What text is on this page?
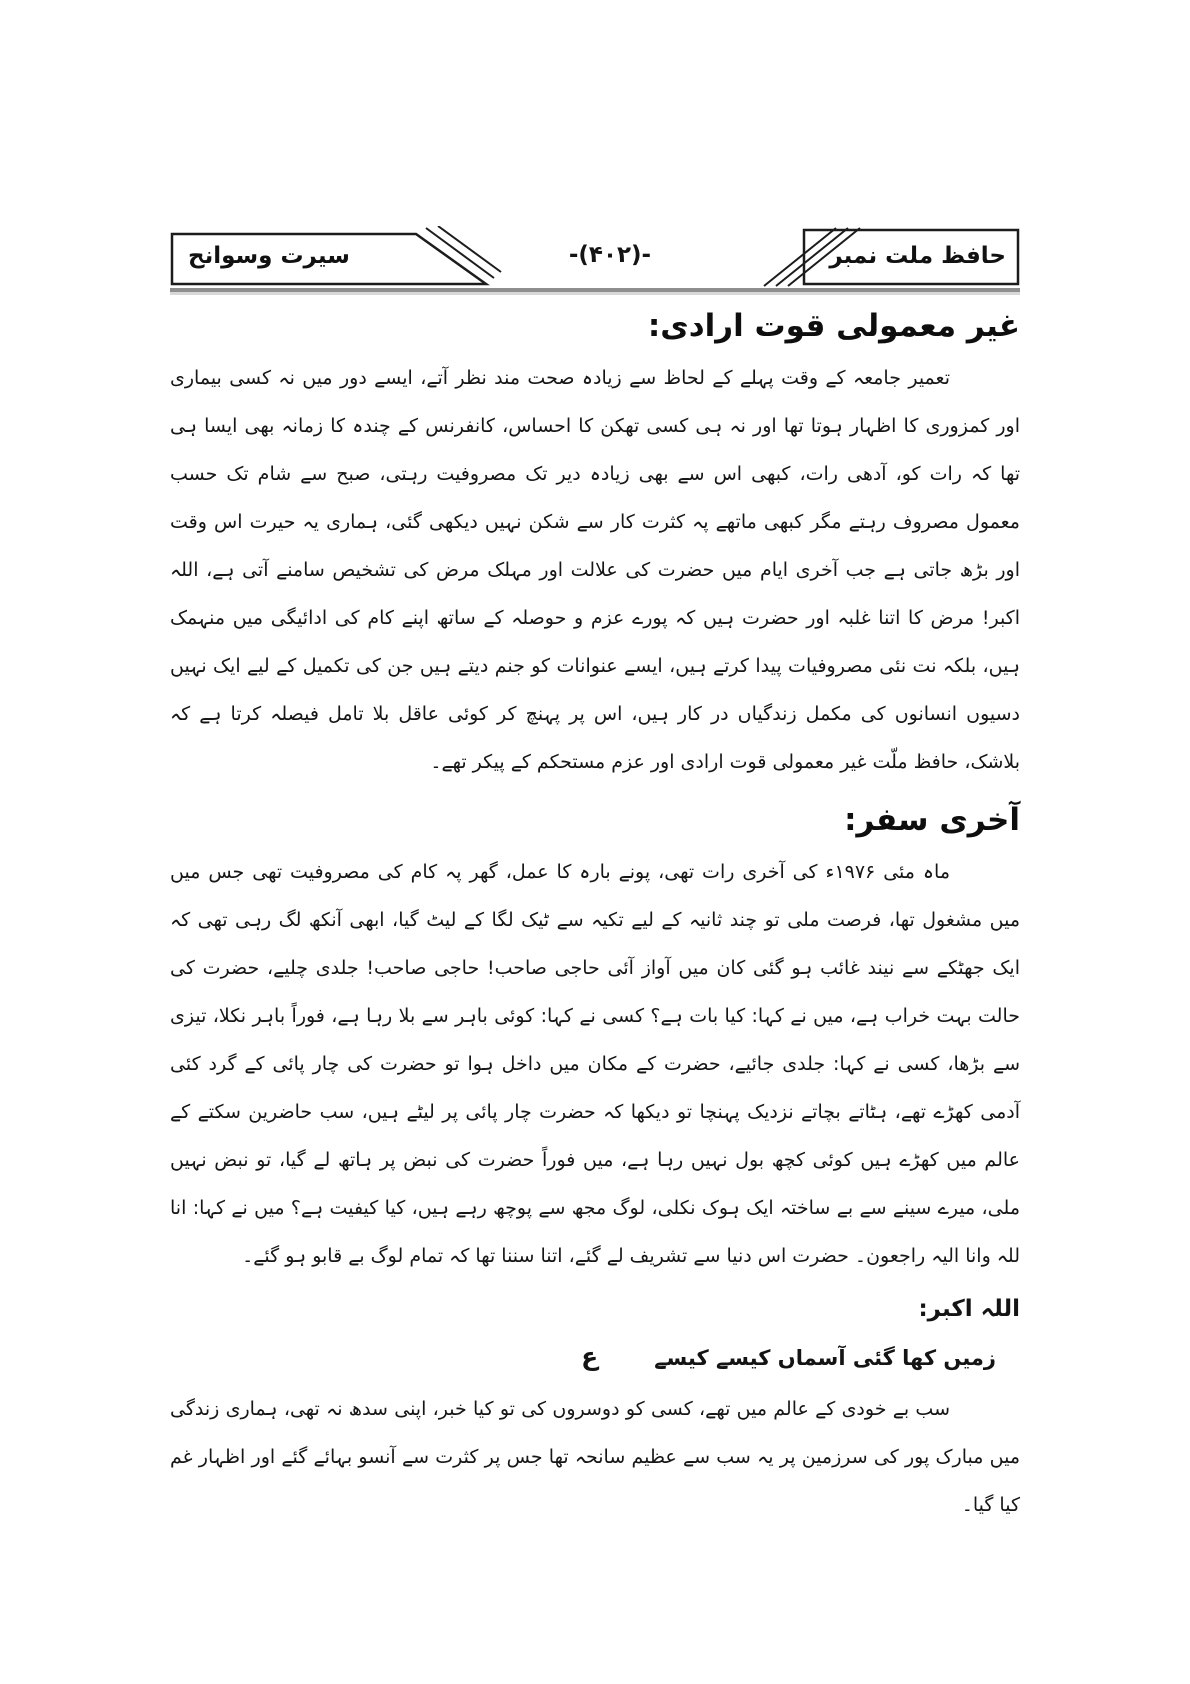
سیرت وسوانح	-(۴۰۲)-	حافظ ملت نمبر
غیر معمولی قوت ارادی:

تعمیر جامعہ کے وقت پہلے کے لحاظ سے زیادہ صحت مند نظر آتے، ایسے دور میں نہ کسی بیماری اور کمزوری کا اظہار ہوتا تھا اور نہ ہی کسی تھکن کا احساس، کانفرنس کے چندہ کا زمانہ بھی ایسا ہی تھا کہ رات کو، آدھی رات، کبھی اس سے بھی زیادہ دیر تک مصروفیت رہتی، صبح سے شام تک حسب معمول مصروف رہتے مگر کبھی ماتھے پہ کثرت کار سے شکن نہیں دیکھی گئی، ہماری یہ حیرت اس وقت اور بڑھ جاتی ہے جب آخری ایام میں حضرت کی علالت اور مہلک مرض کی تشخیص سامنے آتی ہے، اللہ اکبر! مرض کا اتنا غلبہ اور حضرت ہیں کہ پورے عزم و حوصلہ کے ساتھ اپنے کام کی ادائیگی میں منہمک ہیں، بلکہ نت نئی مصروفیات پیدا کرتے ہیں، ایسے عنوانات کو جنم دیتے ہیں جن کی تکمیل کے لیے ایک نہیں دسیوں انسانوں کی مکمل زندگیاں در کار ہیں، اس پر پہنچ کر کوئی عاقل بلا تامل فیصلہ کرتا ہے کہ بلاشک، حافظ ملّت غیر معمولی قوت ارادی اور عزم مستحکم کے پیکر تھے۔

آخری سفر:

ماہ مئی ۱۹۷۶ء کی آخری رات تھی، پونے بارہ کا عمل، گھر پہ کام کی مصروفیت تھی جس میں میں مشغول تھا، فرصت ملی تو چند ثانیہ کے لیے تکیہ سے ٹیک لگا کے لیٹ گیا، ابھی آنکھ لگ رہی تھی کہ ایک جھٹکے سے نیند غائب ہو گئی کان میں آواز آئی حاجی صاحب! حاجی صاحب! جلدی چلیے، حضرت کی حالت بہت خراب ہے، میں نے کہا: کیا بات ہے؟ کسی نے کہا: کوئی باہر سے بلا رہا ہے، فوراً باہر نکلا، تیزی سے بڑھا، کسی نے کہا: جلدی جائیے، حضرت کے مکان میں داخل ہوا تو حضرت کی چار پائی کے گرد کئی آدمی کھڑے تھے، ہٹاتے بچاتے نزدیک پہنچا تو دیکھا کہ حضرت چار پائی پر لیٹے ہیں، سب حاضرین سکتے کے عالم میں کھڑے ہیں کوئی کچھ بول نہیں رہا ہے، میں فوراً حضرت کی نبض پر ہاتھ لے گیا، تو نبض نہیں ملی، میرے سینے سے بے ساختہ ایک ہوک نکلی، لوگ مجھ سے پوچھ رہے ہیں، کیا کیفیت ہے؟ میں نے کہا: انا للہ وانا الیہ راجعون۔ حضرت اس دنیا سے تشریف لے گئے، اتنا سننا تھا کہ تمام لوگ بے قابو ہو گئے۔

اللہ اکبر:
زمیں کھا گئی آسماں کیسے کیسےع

سب بے خودی کے عالم میں تھے، کسی کو دوسروں کی تو کیا خبر، اپنی سدھ نہ تھی، ہماری زندگی میں مبارک پور کی سرزمین پر یہ سب سے عظیم سانحہ تھا جس پر کثرت سے آنسو بہائے گئے اور اظہار غم کیا گیا۔
